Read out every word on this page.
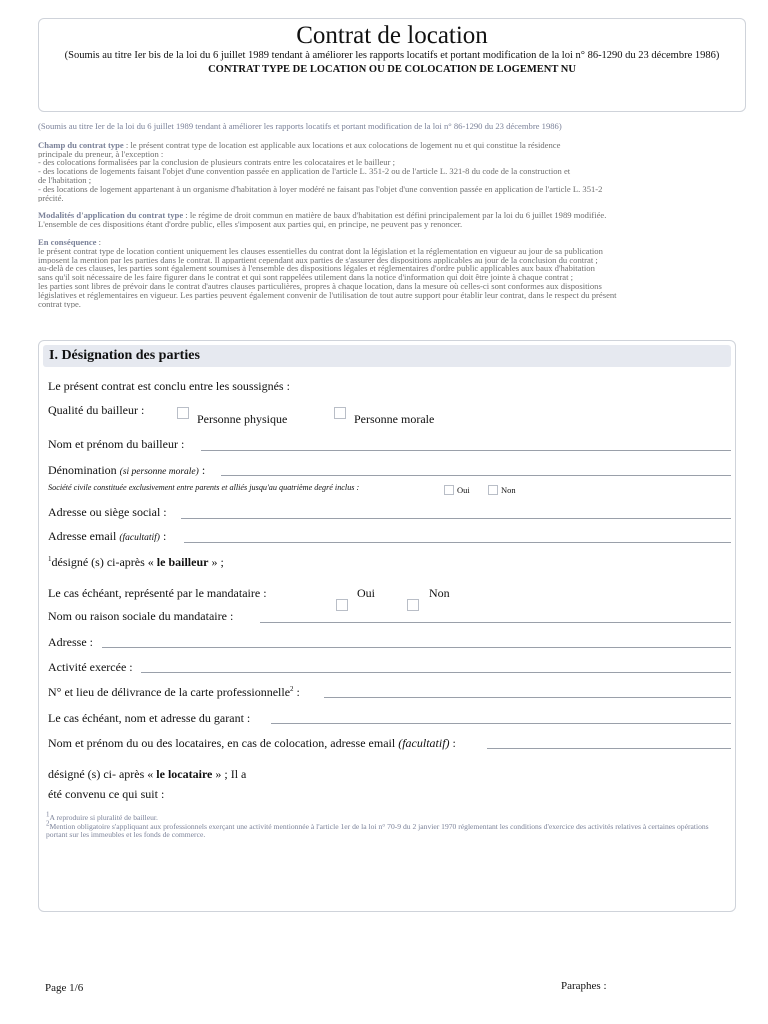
Contrat de location
(Soumis au titre Ier bis de la loi du 6 juillet 1989 tendant à améliorer les rapports locatifs et portant modification de la loi n° 86-1290 du 23 décembre 1986)
CONTRAT TYPE DE LOCATION OU DE COLOCATION DE LOGEMENT NU
(Soumis au titre Ier de la loi du 6 juillet 1989 tendant à améliorer les rapports locatifs et portant modification de la loi n° 86-1290 du 23 décembre 1986)
Champ du contrat type : le présent contrat type de location est applicable aux locations et aux colocations de logement nu et qui constitue la résidence
principale du preneur, à l'exception :
- des colocations formalisées par la conclusion de plusieurs contrats entre les colocataires et le bailleur ;
- des locations de logements faisant l'objet d'une convention passée en application de l'article L. 351-2 ou de l'article L. 321-8 du code de la construction et
de l'habitation ;
- des locations de logement appartenant à un organisme d'habitation à loyer modéré ne faisant pas l'objet d'une convention passée en application de l'article L. 351-2
précité.
Modalités d'application du contrat type : le régime de droit commun en matière de baux d'habitation est défini principalement par la loi du 6 juillet 1989 modifiée.
L'ensemble de ces dispositions étant d'ordre public, elles s'imposent aux parties qui, en principe, ne peuvent pas y renoncer.
En conséquence :
le présent contrat type de location contient uniquement les clauses essentielles du contrat dont la législation et la réglementation en vigueur au jour de sa publication
imposent la mention par les parties dans le contrat. Il appartient cependant aux parties de s'assurer des dispositions applicables au jour de la conclusion du contrat ;
au-delà de ces clauses, les parties sont également soumises à l'ensemble des dispositions légales et réglementaires d'ordre public applicables aux baux d'habitation
sans qu'il soit nécessaire de les faire figurer dans le contrat et qui sont rappelées utilement dans la notice d'information qui doit être jointe à chaque contrat ;
les parties sont libres de prévoir dans le contrat d'autres clauses particulières, propres à chaque location, dans la mesure où celles-ci sont conformes aux dispositions
législatives et réglementaires en vigueur. Les parties peuvent également convenir de l'utilisation de tout autre support pour établir leur contrat, dans le respect du présent
contrat type.
I. Désignation des parties
Le présent contrat est conclu entre les soussignés :
Qualité du bailleur :
Personne physique	Personne morale
Nom et prénom du bailleur :
Dénomination (si personne morale) :
Société civile constituée exclusivement entre parents et alliés jusqu'au quatrième degré inclus :	Oui	Non
Adresse ou siège social :
Adresse email (facultatif) :
$^1$désigné (s) ci-après « le bailleur » ;
Le cas échéant, représenté par le mandataire :	Oui	Non
Nom ou raison sociale du mandataire :
Adresse :
Activité exercée :
N° et lieu de délivrance de la carte professionnelle$^2$ :
Le cas échéant, nom et adresse du garant :
Nom et prénom du ou des locataires, en cas de colocation, adresse email (facultatif) :
désigné (s) ci- après « le locataire » ; Il a
été convenu ce qui suit :
$^1$A reproduire si pluralité de bailleur.
$^2$Mention obligatoire s'appliquant aux professionnels exerçant une activité mentionnée à l'article 1er de la loi n° 70-9 du 2 janvier 1970 réglementant les conditions d'exercice des activités relatives à certaines opérations portant sur les immeubles et les fonds de commerce.
Page 1/6	Paraphes :
